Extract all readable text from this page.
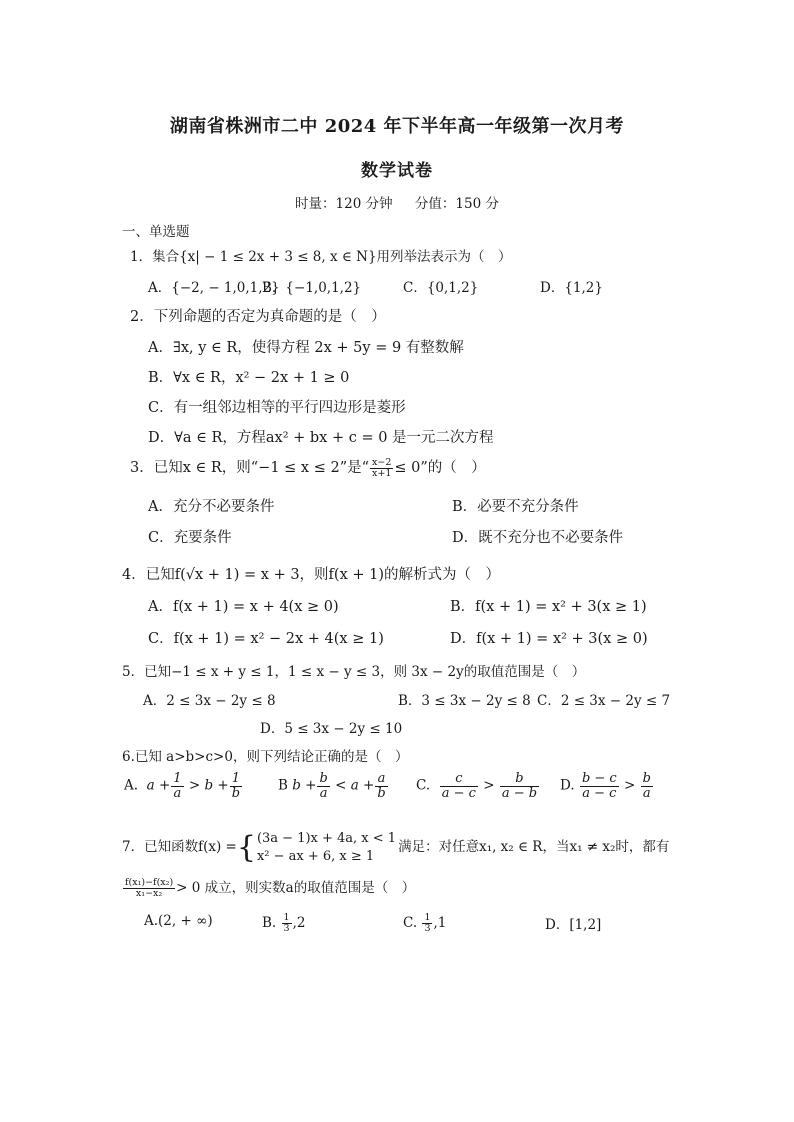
湖南省株洲市二中 2024 年下半年高一年级第一次月考
数学试卷
时量：120 分钟 分值：150 分
一、单选题
1．集合{x| − 1 ≤ 2x + 3 ≤ 8, x ∈ N}用列举法表示为（　）
A．{−2, − 1,0,1,2}
B．{−1,0,1,2}	C．{0,1,2}	D．{1,2}
2．下列命题的否定为真命题的是（　）
A．∃x, y ∈ R，使得方程 2x + 5y = 9 有整数解
B．∀x ∈ R，x² − 2x + 1 ≥ 0
C．有一组邻边相等的平行四边形是菱形
D．∀a ∈ R，方程ax² + bx + c = 0 是一元二次方程
3．已知x ∈ R，则“−1 ≤ x ≤ 2”是“ $\frac{x-2}{x+1} \le 0$”的（　）
A．充分不必要条件	B．必要不充分条件
C．充要条件	D．既不充分也不必要条件
4．已知f(√x + 1) = x + 3，则f(x + 1)的解析式为（　）
A．f(x + 1) = x + 4(x ≥ 0)	B．f(x + 1) = x² + 3(x ≥ 1)
C．f(x + 1) = x² − 2x + 4(x ≥ 1)	D．f(x + 1) = x² + 3(x ≥ 0)
5．已知−1 ≤ x + y ≤ 1，1 ≤ x − y ≤ 3，则 3x − 2y的取值范围是（　）
A．2 ≤ 3x − 2y ≤ 8	B．3 ≤ 3x − 2y ≤ 8 C．2 ≤ 3x − 2y ≤ 7
D．5 ≤ 3x − 2y ≤ 10
6.已知 a>b>c>0，则下列结论正确的是（　）
A. $a + \frac{1}{a} > b + \frac{1}{b}$	B $b + \frac{b}{a} < a + \frac{a}{b} C$. $\frac{c}{a - c} > \frac{b}{a - b} D$. $\frac{b - c}{a - c} > \frac{b}{a}$
7．已知函数f(x) ={ (3a − 1)x + 4a, x < 1
x² − ax + 6, x ≥ 1
满足：对任意x₁, x₂ ∈ R，当x₁ ≠ x₂时，都有
$\frac{\text{f(x₁)−f(x₂)}}{\text{x₁−x₂}} > 0$ 成立，则实数a的取值范围是（　）
A.(2, + ∞)	B. $\frac{1}{3} ,2$	C. $\frac{1}{3} ,1$	D．[1,2]
